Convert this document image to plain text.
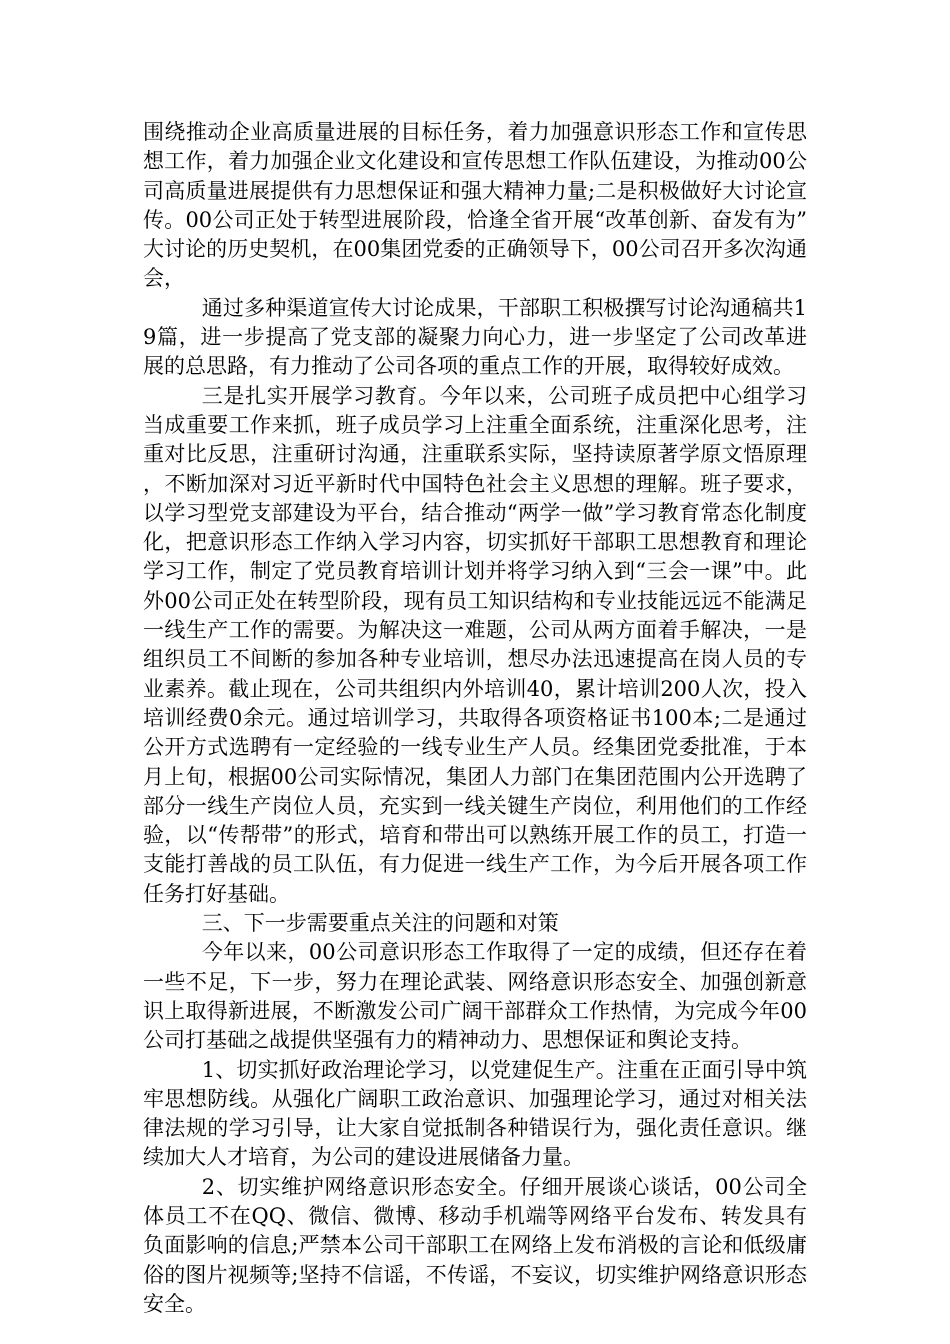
围绕推动企业高质量进展的目标任务，着力加强意识形态工作和宣传思想工作，着力加强企业文化建设和宣传思想工作队伍建设，为推动00公司高质量进展提供有力思想保证和强大精神力量;二是积极做好大讨论宣传。00公司正处于转型进展阶段，恰逢全省开展“改革创新、奋发有为”大讨论的历史契机，在00集团党委的正确领导下，00公司召开多次沟通会，

通过多种渠道宣传大讨论成果，干部职工积极撰写讨论沟通稿共19篇，进一步提高了党支部的凝聚力向心力，进一步坚定了公司改革进展的总思路，有力推动了公司各项的重点工作的开展，取得较好成效。

三是扎实开展学习教育。今年以来，公司班子成员把中心组学习当成重要工作来抓，班子成员学习上注重全面系统，注重深化思考，注重对比反思，注重研讨沟通，注重联系实际，坚持读原著学原文悟原理，不断加深对习近平新时代中国特色社会主义思想的理解。班子要求，以学习型党支部建设为平台，结合推动“两学一做”学习教育常态化制度化，把意识形态工作纳入学习内容，切实抓好干部职工思想教育和理论学习工作，制定了党员教育培训计划并将学习纳入到“三会一课”中。此外00公司正处在转型阶段，现有员工知识结构和专业技能远远不能满足一线生产工作的需要。为解决这一难题，公司从两方面着手解决，一是组织员工不间断的参加各种专业培训，想尽办法迅速提高在岗人员的专业素养。截止现在，公司共组织内外培训40，累计培训200人次，投入培训经费0余元。通过培训学习，共取得各项资格证书100本;二是通过公开方式选聘有一定经验的一线专业生产人员。经集团党委批准，于本月上旬，根据00公司实际情况，集团人力部门在集团范围内公开选聘了部分一线生产岗位人员，充实到一线关键生产岗位，利用他们的工作经验，以“传帮带”的形式，培育和带出可以熟练开展工作的员工，打造一支能打善战的员工队伍，有力促进一线生产工作，为今后开展各项工作任务打好基础。

三、下一步需要重点关注的问题和对策

今年以来，00公司意识形态工作取得了一定的成绩，但还存在着一些不足，下一步，努力在理论武装、网络意识形态安全、加强创新意识上取得新进展，不断激发公司广阔干部群众工作热情，为完成今年00公司打基础之战提供坚强有力的精神动力、思想保证和舆论支持。

1、切实抓好政治理论学习，以党建促生产。注重在正面引导中筑牢思想防线。从强化广阔职工政治意识、加强理论学习，通过对相关法律法规的学习引导，让大家自觉抵制各种错误行为，强化责任意识。继续加大人才培育，为公司的建设进展储备力量。

2、切实维护网络意识形态安全。仔细开展谈心谈话，00公司全体员工不在QQ、微信、微博、移动手机端等网络平台发布、转发具有负面影响的信息;严禁本公司干部职工在网络上发布消极的言论和低级庸俗的图片视频等;坚持不信谣，不传谣，不妄议，切实维护网络意识形态安全。
